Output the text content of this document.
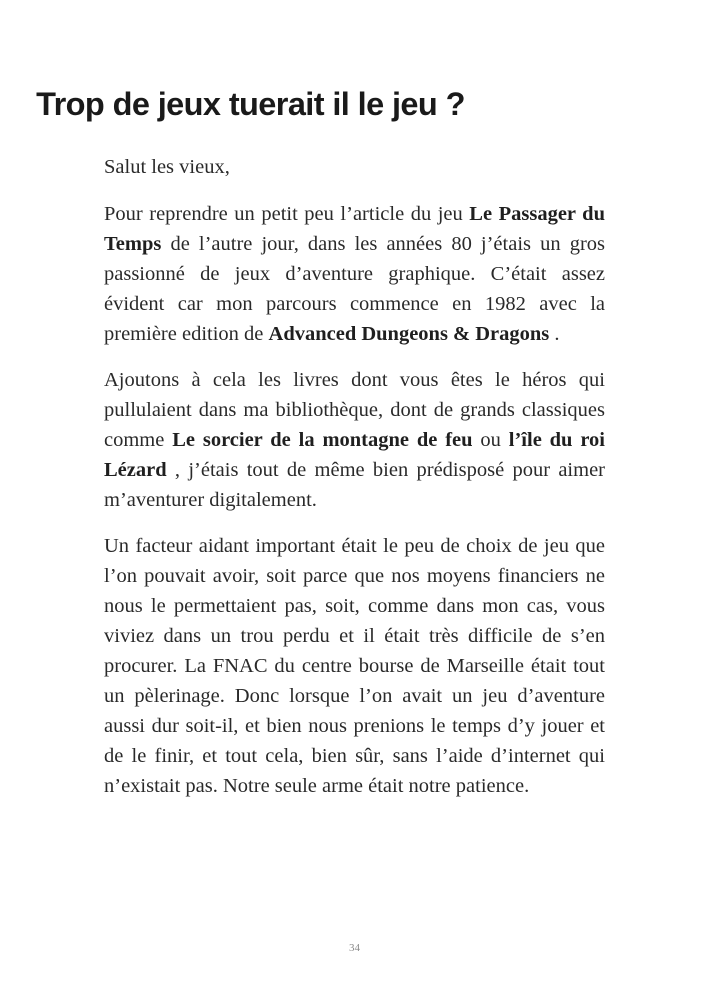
Trop de jeux tuerait il le jeu ?

Salut les vieux,

Pour reprendre un petit peu l’article du jeu Le Passager du Temps de l’autre jour, dans les années 80 j’étais un gros passionné de jeux d’aventure graphique. C’était assez évident car mon parcours commence en 1982 avec la première edition de Advanced Dungeons & Dragons .

Ajoutons à cela les livres dont vous êtes le héros qui pullulaient dans ma bibliothèque, dont de grands classiques comme Le sorcier de la montagne de feu ou l’île du roi Lézard , j’étais tout de même bien prédisposé pour aimer m’aventurer digitalement.

Un facteur aidant important était le peu de choix de jeu que l’on pouvait avoir, soit parce que nos moyens financiers ne nous le permettaient pas, soit, comme dans mon cas, vous viviez dans un trou perdu et il était très difficile de s’en procurer. La FNAC du centre bourse de Marseille était tout un pèlerinage. Donc lorsque l’on avait un jeu d’aventure aussi dur soit-il, et bien nous prenions le temps d’y jouer et de le finir, et tout cela, bien sûr, sans l’aide d’internet qui n’existait pas. Notre seule arme était notre patience.

34
